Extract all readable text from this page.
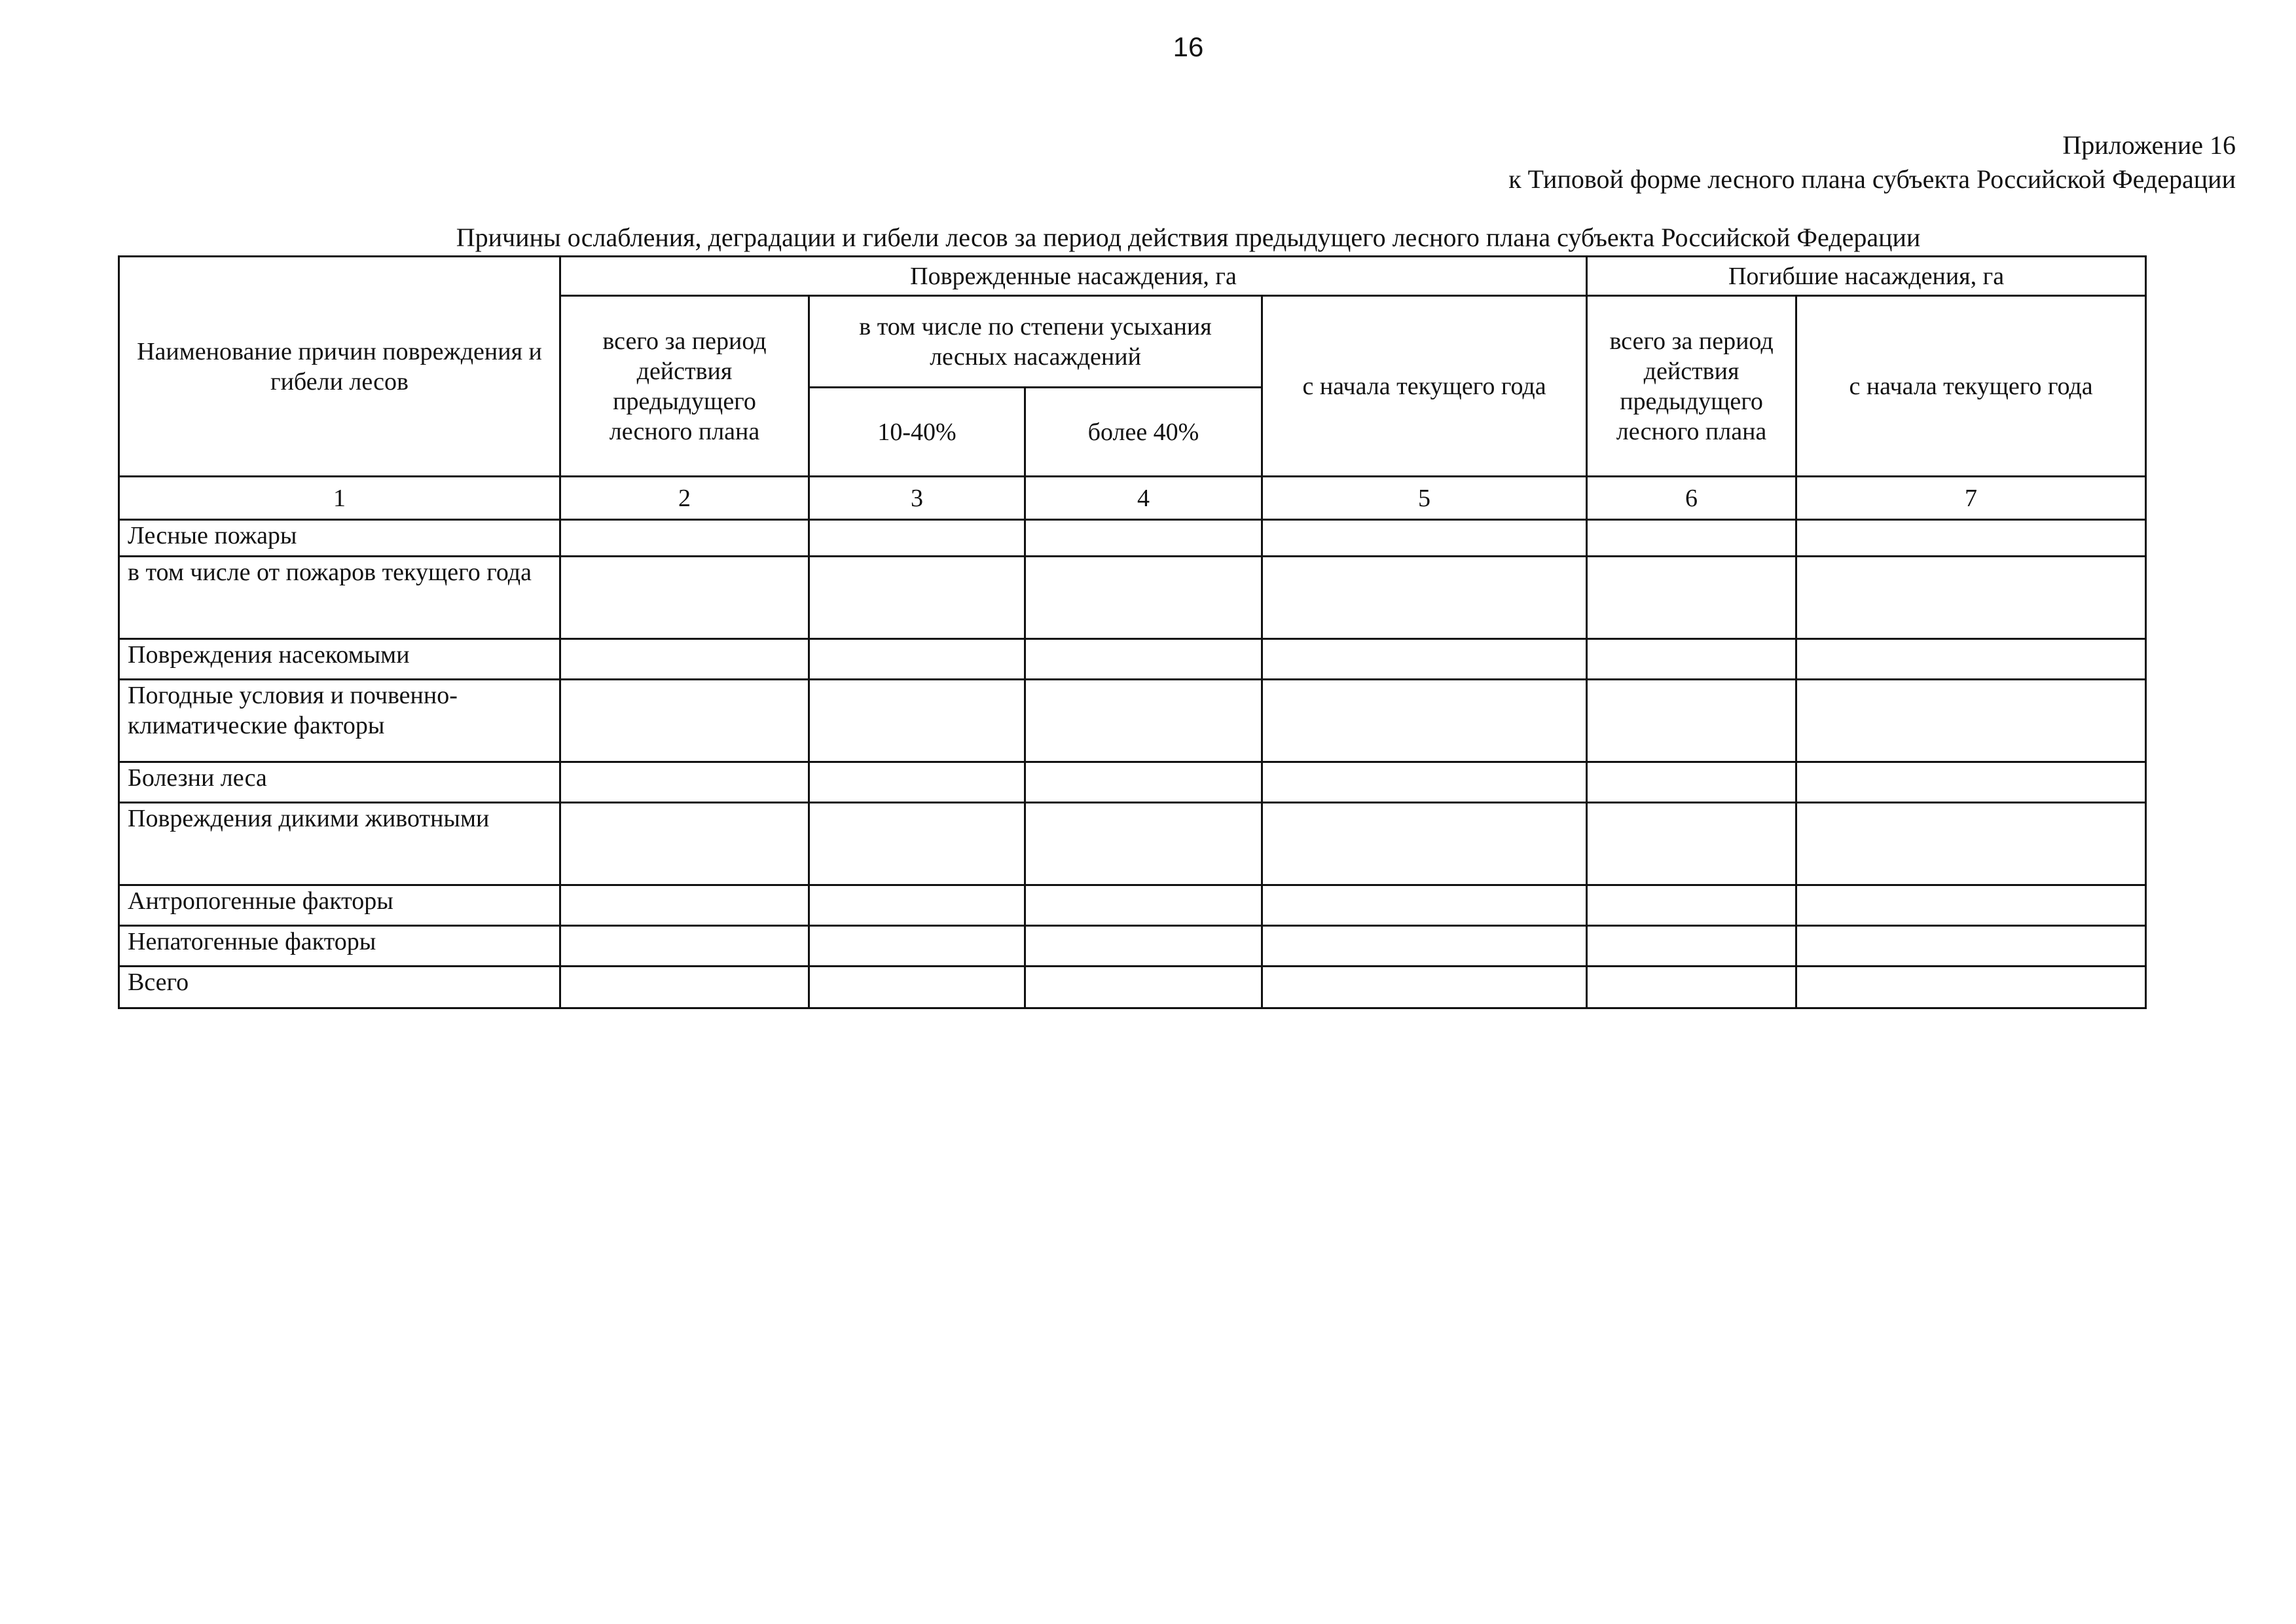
16
Приложение 16
к Типовой форме лесного плана субъекта Российской Федерации
Причины ослабления, деградации и гибели лесов за период действия предыдущего лесного плана субъекта Российской Федерации
Наименование причин повреждения и гибели лесов	Поврежденные насаждения, га				Погибшие насаждения, га	
	всего за период действия предыдущего лесного плана	в том числе по степени усыхания лесных насаждений		с начала текущего года	всего за период действия предыдущего лесного плана	с начала текущего года
		10-40%	более 40%			
1	2	3	4	5	6	7
Лесные пожары						
в том числе от пожаров текущего года						
Повреждения насекомыми						
Погодные условия и почвенно-климатические факторы						
Болезни леса						
Повреждения дикими животными						
Антропогенные факторы						
Непатогенные факторы						
Всего						
